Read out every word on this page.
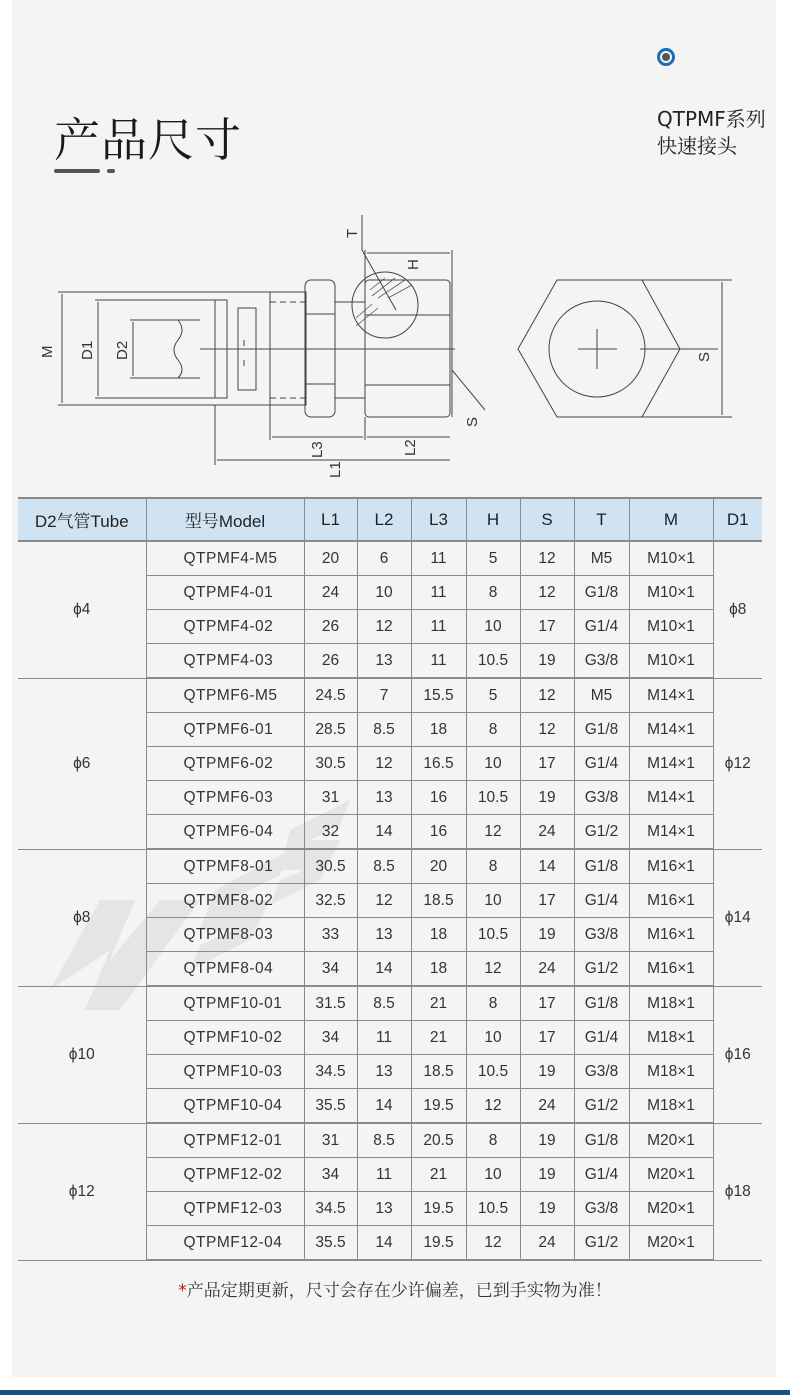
产品尺寸	QTPMF系列
快速接头
M D1 D2
T
H
S
L3	L2
L1
S
D2气管Tube	型号Model	L1	L2	L3	H	S	T	M	D1
ϕ4	QTPMF4-M5	20	6	11	5	12	M5	M10×1	ϕ8
	QTPMF4-01	24	10	11	8	12	G1/8	M10×1	
	QTPMF4-02	26	12	11	10	17	G1/4	M10×1	
	QTPMF4-03	26	13	11	10.5	19	G3/8	M10×1	
ϕ6	QTPMF6-M5	24.5	7	15.5	5	12	M5	M14×1	ϕ12
	QTPMF6-01	28.5	8.5	18	8	12	G1/8	M14×1	
	QTPMF6-02	30.5	12	16.5	10	17	G1/4	M14×1	
	QTPMF6-03	31	13	16	10.5	19	G3/8	M14×1	
	QTPMF6-04	32	14	16	12	24	G1/2	M14×1	
ϕ8	QTPMF8-01	30.5	8.5	20	8	14	G1/8	M16×1	ϕ14
	QTPMF8-02	32.5	12	18.5	10	17	G1/4	M16×1	
	QTPMF8-03	33	13	18	10.5	19	G3/8	M16×1	
	QTPMF8-04	34	14	18	12	24	G1/2	M16×1	
ϕ10	QTPMF10-01	31.5	8.5	21	8	17	G1/8	M18×1	ϕ16
	QTPMF10-02	34	11	21	10	17	G1/4	M18×1	
	QTPMF10-03	34.5	13	18.5	10.5	19	G3/8	M18×1	
	QTPMF10-04	35.5	14	19.5	12	24	G1/2	M18×1	
ϕ12	QTPMF12-01	31	8.5	20.5	8	19	G1/8	M20×1	ϕ18
	QTPMF12-02	34	11	21	10	19	G1/4	M20×1	
	QTPMF12-03	34.5	13	19.5	10.5	19	G3/8	M20×1	
	QTPMF12-04	35.5	14	19.5	12	24	G1/2	M20×1	
*产品定期更新，尺寸会存在少许偏差，已到手实物为准！
